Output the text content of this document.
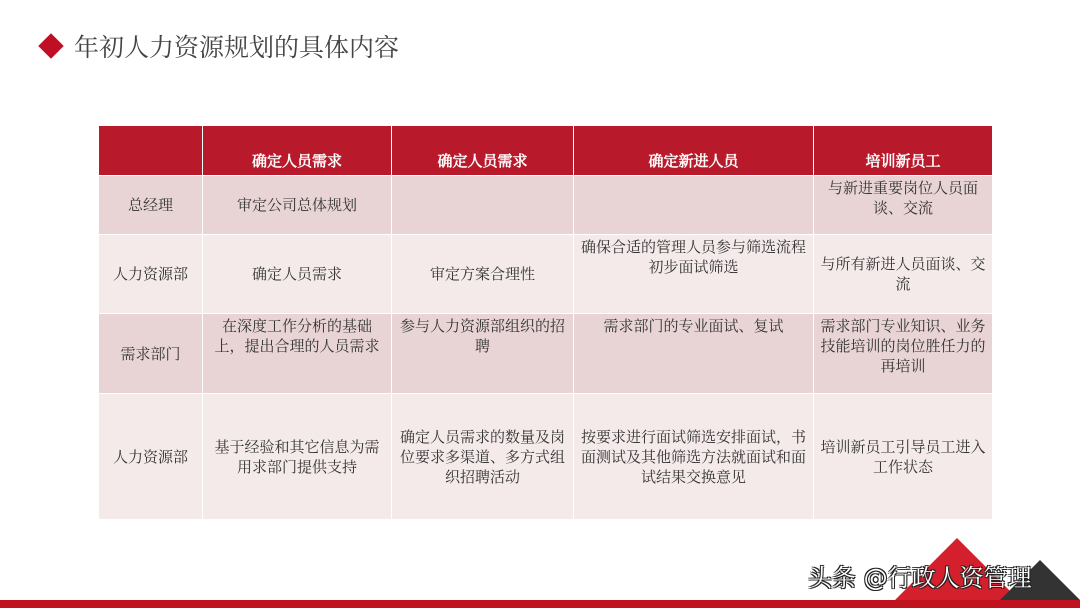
年初人力资源规划的具体内容
	确定人员需求	确定人员需求	确定新进人员	培训新员工
总经理	审定公司总体规划			与新进重要岗位人员面谈、交流
人力资源部	确定人员需求	审定方案合理性	确保合适的管理人员参与筛选流程初步面试筛选	与所有新进人员面谈、交流
需求部门	在深度工作分析的基础上，提出合理的人员需求	参与人力资源部组织的招聘	需求部门的专业面试、复试	需求部门专业知识、业务技能培训的岗位胜任力的再培训
人力资源部	基于经验和其它信息为需用求部门提供支持	确定人员需求的数量及岗位要求多渠道、多方式组织招聘活动	按要求进行面试筛选安排面试，书面测试及其他筛选方法就面试和面试结果交换意见	培训新员工引导员工进入工作状态
头条 @行政人资管理
